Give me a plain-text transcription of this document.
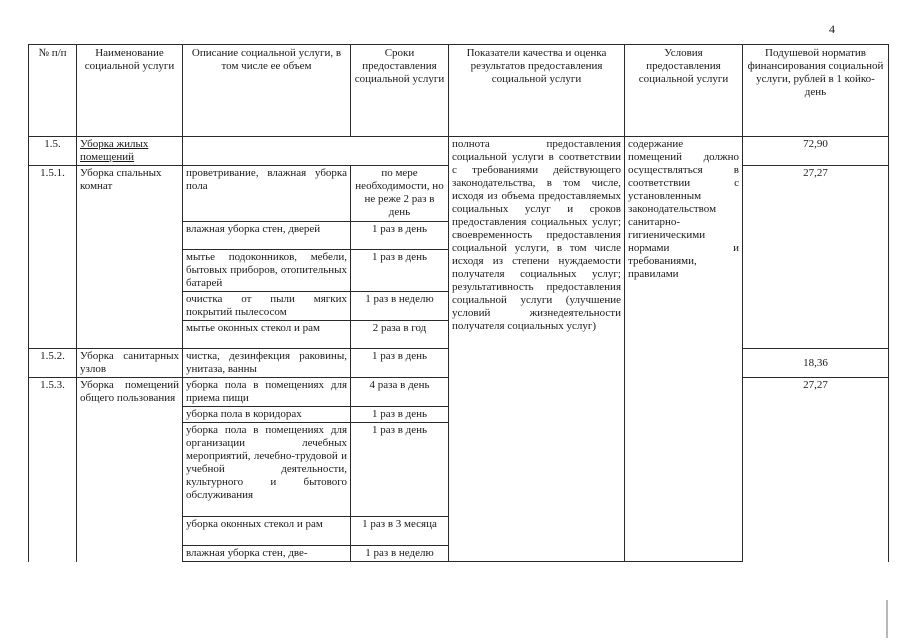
4
№ п/п	Наименование социальной услуги	Описание социальной услуги, в том числе ее объем	Сроки предоставления социальной услуги	Показатели качества и оценка результатов предоставления социальной услуги	Условия предоставления социальной услуги	Подушевой норматив финансирования социальной услуги, рублей в 1 койко-день
1.5.	Уборка жилых помещений			полнота предоставления социальной услуги в соответствии с требованиями действующего законодательства, в том числе, исходя из объема предоставляемых социальных услуг и сроков предоставления социальных услуг; своевременность предоставления социальной услуги, в том числе исходя из степени нуждаемости получателя социальных услуг; результативность предоставления социальной услуги (улучшение условий жизнедеятельности получателя социальных услуг)	содержание помещений должно осуществляться в соответствии с установленным законодательством санитарно-гигиеническими нормами и требованиями, правилами	72,90
1.5.1.	Уборка спальных комнат	проветривание, влажная уборка пола	по мере необходимости, но не реже 2 раз в день			27,27
		влажная уборка стен, дверей	1 раз в день			
		мытье подоконников, мебели, бытовых приборов, отопительных батарей	1 раз в день			
		очистка от пыли мягких покрытий пылесосом	1 раз в неделю			
		мытье оконных стекол и рам	2 раза в год			
1.5.2.	Уборка санитарных узлов	чистка, дезинфекция раковины, унитаза, ванны	1 раз в день			18,36
1.5.3.	Уборка помещений общего пользования	уборка пола в помещениях для приема пищи	4 раза в день			27,27
		уборка пола в коридорах	1 раз в день			
		уборка пола в помещениях для организации лечебных мероприятий, лечебно-трудовой и учебной деятельности, культурного и бытового обслуживания	1 раз в день			
		уборка оконных стекол и рам	1 раз в 3 месяца			
		влажная уборка стен, две-	1 раз в неделю			
